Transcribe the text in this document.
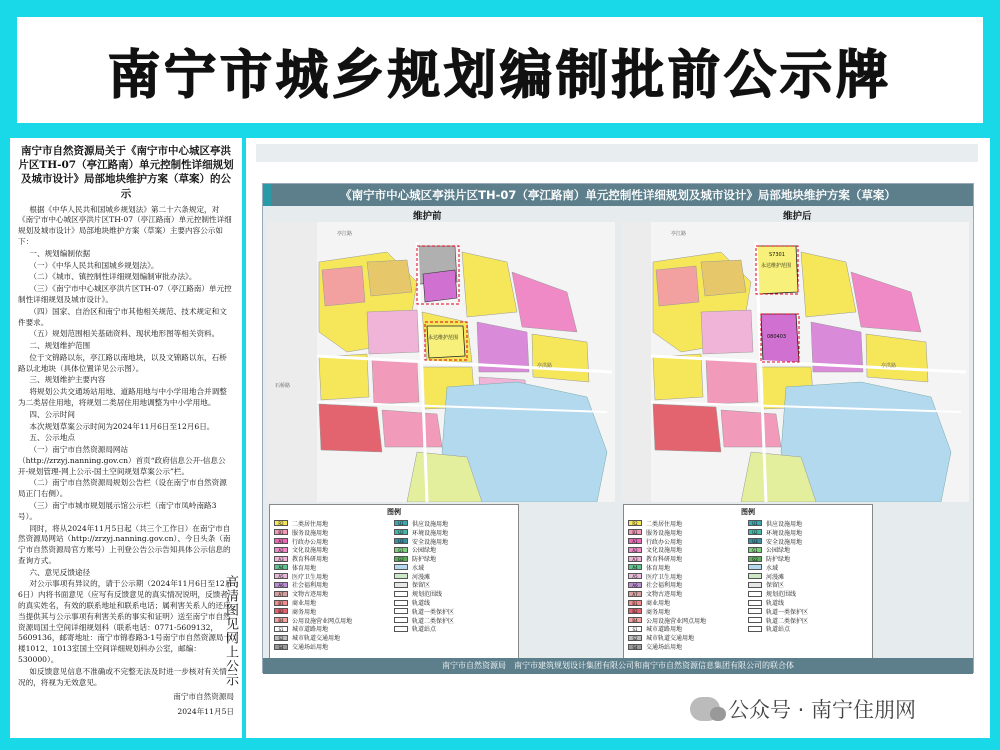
南宁市城乡规划编制批前公示牌
南宁市自然资源局关于《南宁市中心城区亭洪片区TH-07（亭江路南）单元控制性详细规划及城市设计》局部地块维护方案（草案）的公示

根据《中华人民共和国城乡规划法》第二十六条规定，对《南宁市中心城区亭洪片区TH-07（亭江路南）单元控制性详细规划及城市设计》局部地块维护方案（草案）主要内容公示如下：

一、规划编制依据

（一）《中华人民共和国城乡规划法》。

（二）《城市、镇控制性详细规划编制审批办法》。

（三）《南宁市中心城区亭洪片区TH-07（亭江路南）单元控制性详细规划及城市设计》。

（四）国家、自治区和南宁市其他相关规范、技术规定和文件要求。

（五）规划范围相关基础资料、现状地形图等相关资料。

二、规划维护范围

位于文锦路以东，亭江路以南地块，以及文锦路以东，石桥路以北地块（具体位置详见公示图）。

三、规划维护主要内容

将规划公共交通场站用地、道路用地与中小学用地合并调整为二类居住用地，将规划二类居住用地调整为中小学用地。

四、公示时间

本次规划草案公示时间为2024年11月6日至12月6日。

五、公示地点

（一）南宁市自然资源局网站（http://zrzyj.nanning.gov.cn）首页“政府信息公开-信息公开-规划管理-网上公示-国土空间规划草案公示”栏。

（二）南宁市自然资源局规划公告栏（设在南宁市自然资源局正门右侧）。

（三）南宁市城市规划展示馆公示栏（南宁市凤岭南路3号）。

同时，将从2024年11月5日起（共三个工作日）在南宁市自然资源局网站（http://zrzyj.nanning.gov.cn）、今日头条（南宁市自然资源局官方账号）上刊登公告公示告知具体公示信息的查询方式。

六、意见反馈途径

对公示事项有异议的，请于公示期（2024年11月6日至12月6日）内将书面意见（应写有反馈意见的真实情况说明，反馈者的真实姓名，有效的联系地址和联系电话；属利害关系人的还应当提供其与公示事项有利害关系的事实和证明）送至南宁市自然资源局国土空间详细规划科（联系电话：0771-5609132，5609136，邮寄地址：南宁市锦春路3-1号南宁市自然资源局十楼1012、1013室国土空间详细规划科办公室，邮编：530000）。

如反馈意见信息不准确或不完整无法及时进一步核对有关情况的，将视为无效意见。

南宁市自然资源局

2024年11月5日

高清图见网上公示
《南宁市中心城区亭洪片区TH-07（亭江路南）单元控制性详细规划及城市设计》局部地块维护方案（草案）
维护前	维护后
永达维护范围
亭江路
亭洪路
石桥路
永达维护范围
S7301
080403
亭江路
亭洪路
图例
R2	二类居住用地
B1	服务设施用地
A1	行政办公用地
A2	文化设施用地
A3	教育科研用地
A4	体育用地
A5	医疗卫生用地
A6	社会福利用地
A7	文物古迹用地
B1	商业用地
B2	商务用地
B4	公用设施营业网点用地
S1	城市道路用地
S2	城市轨道交通用地
S4	交通场站用地
U1	供应设施用地
U2	环境设施用地
U3	安全设施用地
G1	公园绿地
G2	防护绿地
水域
河漫滩
保留区
规划范围线
轨道线
轨道一类保护区
轨道二类保护区
轨道站点
图例
R2	二类居住用地
B1	服务设施用地
A1	行政办公用地
A2	文化设施用地
A3	教育科研用地
A4	体育用地
A5	医疗卫生用地
A6	社会福利用地
A7	文物古迹用地
B1	商业用地
B2	商务用地
B4	公用设施营业网点用地
S1	城市道路用地
S2	城市轨道交通用地
S4	交通场站用地
U1	供应设施用地
U2	环境设施用地
U3	安全设施用地
G1	公园绿地
G2	防护绿地
水域
河漫滩
保留区
规划范围线
轨道线
轨道一类保护区
轨道二类保护区
轨道站点
南宁市自然资源局　南宁市建筑规划设计集团有限公司和南宁市自然资源信息集团有限公司的联合体
公众号 · 南宁住朋网
